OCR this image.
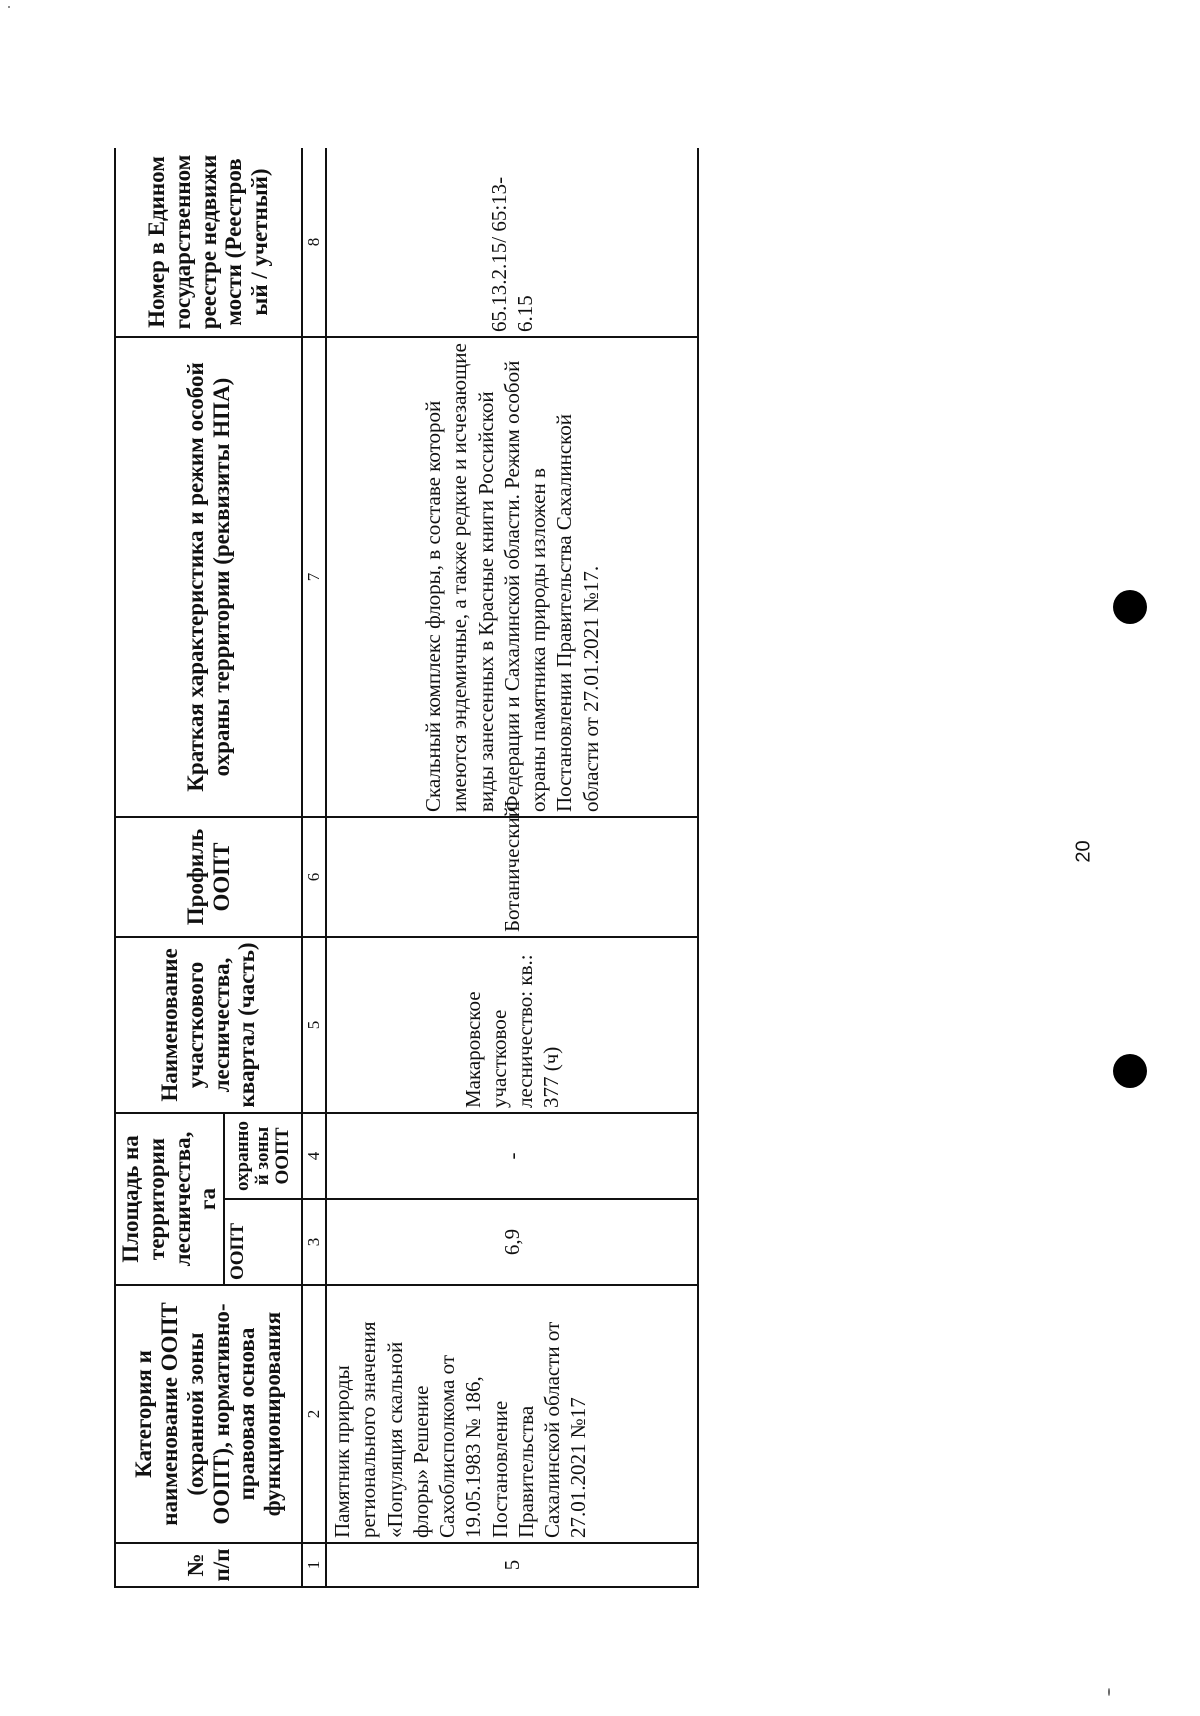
№ п/п	Категория и наименование ООПТ (охранной зоны ООПТ), нормативно-правовая основа функционирования	Площадь на территории лесничества, га		Наименование участкового лесничества, квартал (часть)	Профиль ООПТ	Краткая характеристика и режим особой охраны территории (реквизиты НПА)	Номер в Едином государственном реестре недвижимости (Реестровый / учетный)
		ООПТ	охранной зоны ООПТ				
1	2	3	4	5	6	7	8
5	Памятник природы регионального значения «Популяция скальной флоры» Решение Сахоблисполкома от 19.05.1983 № 186, Постановление Правительства Сахалинской области от 27.01.2021 №17	6,9	-	Макаровское участковое лесничество: кв.: 377 (ч)	Ботанический	Скальный комплекс флоры, в составе которой имеются эндемичные, а также редкие и исчезающие виды занесенных в Красные книги Российской Федерации и Сахалинской области. Режим особой охраны памятника природы изложен в Постановлении Правительства Сахалинской области от 27.01.2021 №17.	65.13.2.15/ 65:13-6.15
20
